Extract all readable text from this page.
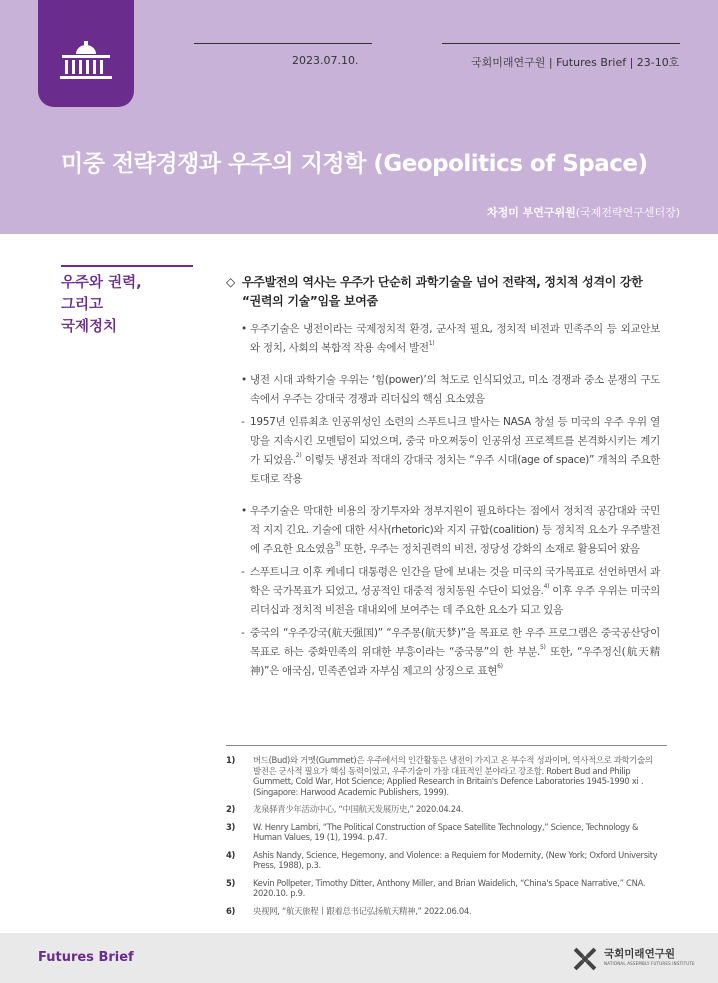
2023.07.10.	국회미래연구원 | Futures Brief | 23-10호
미중 전략경쟁과 우주의 지정학 (Geopolitics of Space)
차정미 부연구위원(국제전략연구센터장)
우주와 권력,
그리고
국제정치
◇ 우주발전의 역사는 우주가 단순히 과학기술을 넘어 전략적, 정치적 성격이 강한 “권력의 기술”임을 보여줌
• 우주기술은 냉전이라는 국제정치적 환경, 군사적 필요, 정치적 비전과 민족주의 등 외교안보와 정치, 사회의 복합적 작용 속에서 발전$^{1)}$
• 냉전 시대 과학기술 우위는 ‘힘(power)’의 척도로 인식되었고, 미소 경쟁과 중소 분쟁의 구도 속에서 우주는 강대국 경쟁과 리더십의 핵심 요소였음
- 1957년 인류최초 인공위성인 소련의 스푸트니크 발사는 NASA 창설 등 미국의 우주 우위 열망을 지속시킨 모멘텀이 되었으며, 중국 마오쩌둥이 인공위성 프로젝트를 본격화시키는 계기가 되었음.$^{2)}$ 이렇듯 냉전과 적대의 강대국 정치는 “우주 시대(age of space)” 개척의 주요한 토대로 작용
• 우주기술은 막대한 비용의 장기투자와 정부지원이 필요하다는 점에서 정치적 공감대와 국민적 지지 긴요. 기술에 대한 서사(rhetoric)와 지지 규합(coalition) 등 정치적 요소가 우주발전에 주요한 요소였음$^{3)}$ 또한, 우주는 정치권력의 비전, 정당성 강화의 소재로 활용되어 왔음
- 스푸트니크 이후 케네디 대통령은 인간을 달에 보내는 것을 미국의 국가목표로 선언하면서 과학은 국가목표가 되었고, 성공적인 대중적 정치동원 수단이 되었음.$^{4)}$ 이후 우주 우위는 미국의 리더십과 정치적 비전을 대내외에 보여주는 데 주요한 요소가 되고 있음
- 중국의 “우주강국(航天强国)” “우주몽(航天梦)”을 목표로 한 우주 프로그램은 중국공산당이 목표로 하는 중화민족의 위대한 부흥이라는 “중국몽”의 한 부분.$^{5)}$ 또한, “우주정신(航天精神)”은 애국심, 민족존엄과 자부심 제고의 상징으로 표현$^{6)}$
1)	버드(Bud)와 거멧(Gummet)은 우주에서의 인간활동은 냉전이 가지고 온 부수적 성과이며, 역사적으로 과학기술의 발전은 군사적 필요가 핵심 동력이었고, 우주기술이 가장 대표적인 분야라고 강조함. Robert Bud and Philip Gummett, Cold War, Hot Science; Applied Research in Britain's Defence Laboratories 1945-1990 xi . (Singapore: Harwood Academic Publishers, 1999).
2)	龙泉驿青少年活动中心, “中国航天发展历史,” 2020.04.24.
3)	W. Henry Lambri, “The Political Construction of Space Satellite Technology,” Science, Technology & Human Values, 19 (1), 1994. p.47.
4)	Ashis Nandy, Science, Hegemony, and Violence: a Requiem for Modernity, (New York; Oxford University Press, 1988), p.3.
5)	Kevin Pollpeter, Timothy Ditter, Anthony Miller, and Brian Waidelich, “China's Space Narrative,” CNA. 2020.10. p.9.
6)	央视网, “航天旅程丨跟着总书记弘扬航天精神,” 2022.06.04.
Futures Brief	국회미래연구원
NATIONAL ASSEMBLY FUTURES INSTITUTE
